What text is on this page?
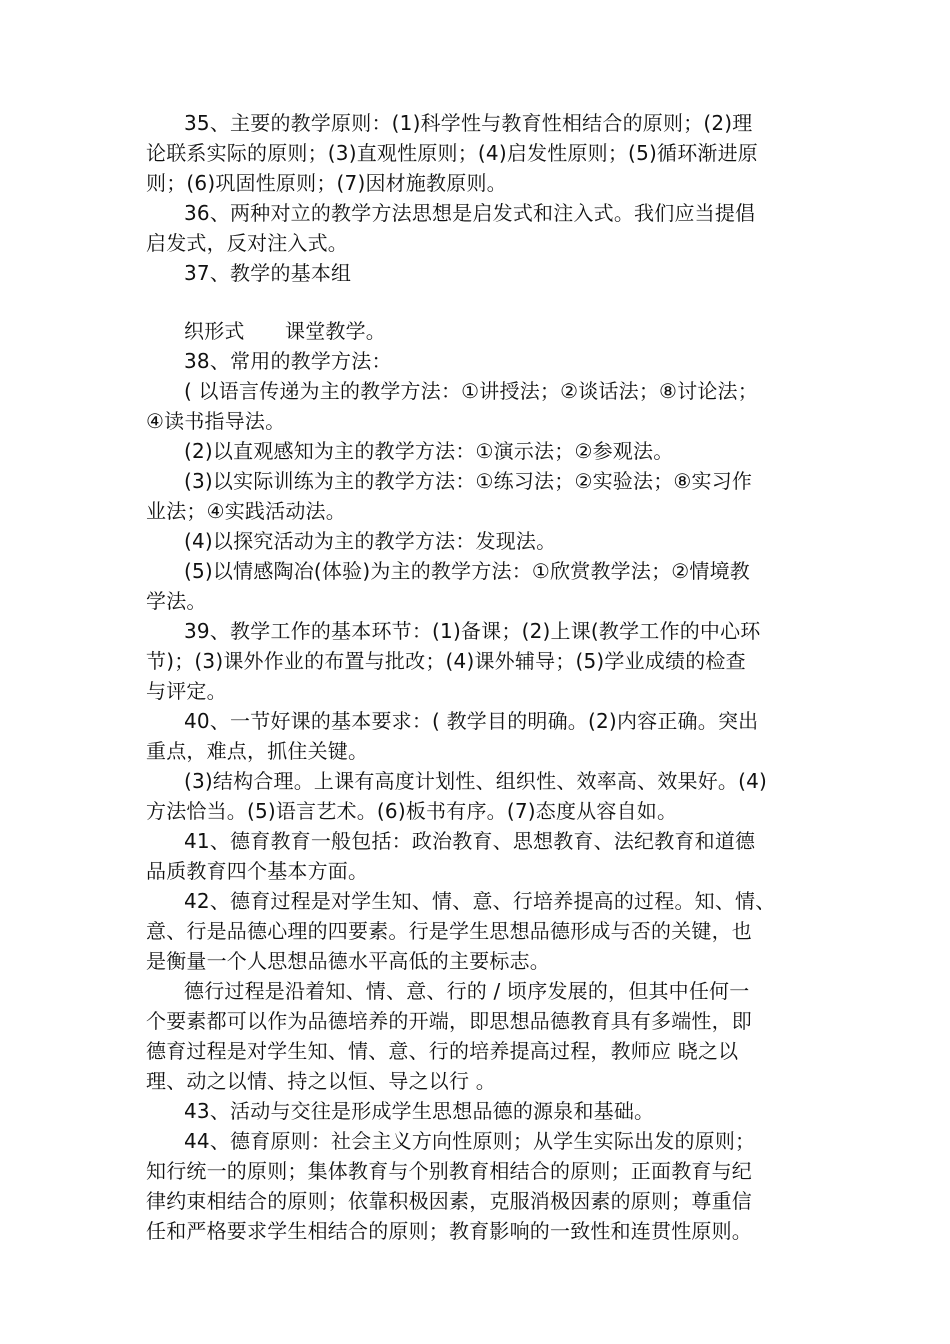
35、主要的教学原则：(1)科学性与教育性相结合的原则；(2)理
论联系实际的原则；(3)直观性原则；(4)启发性原则；(5)循环渐进原
则；(6)巩固性原则；(7)因材施教原则。
36、两种对立的教学方法思想是启发式和注入式。我们应当提倡
启发式，反对注入式。
37、教学的基本组
织形式　　课堂教学。
38、常用的教学方法：
( 以语言传递为主的教学方法：①讲授法；②谈话法；⑧讨论法；
④读书指导法。
(2)以直观感知为主的教学方法：①演示法；②参观法。
(3)以实际训练为主的教学方法：①练习法；②实验法；⑧实习作
业法；④实践活动法。
(4)以探究活动为主的教学方法：发现法。
(5)以情感陶冶(体验)为主的教学方法：①欣赏教学法；②情境教
学法。
39、教学工作的基本环节：(1)备课；(2)上课(教学工作的中心环
节)；(3)课外作业的布置与批改；(4)课外辅导；(5)学业成绩的检查
与评定。
40、一节好课的基本要求：( 教学目的明确。(2)内容正确。突出
重点，难点，抓住关键。
(3)结构合理。上课有高度计划性、组织性、效率高、效果好。(4)
方法恰当。(5)语言艺术。(6)板书有序。(7)态度从容自如。
41、德育教育一般包括：政治教育、思想教育、法纪教育和道德
品质教育四个基本方面。
42、德育过程是对学生知、情、意、行培养提高的过程。知、情、
意、行是品德心理的四要素。行是学生思想品德形成与否的关键，也
是衡量一个人思想品德水平高低的主要标志。
德行过程是沿着知、情、意、行的 / 顷序发展的，但其中任何一
个要素都可以作为品德培养的开端，即思想品德教育具有多端性，即
德育过程是对学生知、情、意、行的培养提高过程，教师应 晓之以
理、动之以情、持之以恒、导之以行 。
43、活动与交往是形成学生思想品德的源泉和基础。
44、德育原则：社会主义方向性原则；从学生实际出发的原则；
知行统一的原则；集体教育与个别教育相结合的原则；正面教育与纪
律约束相结合的原则；依靠积极因素，克服消极因素的原则；尊重信
任和严格要求学生相结合的原则；教育影响的一致性和连贯性原则。
